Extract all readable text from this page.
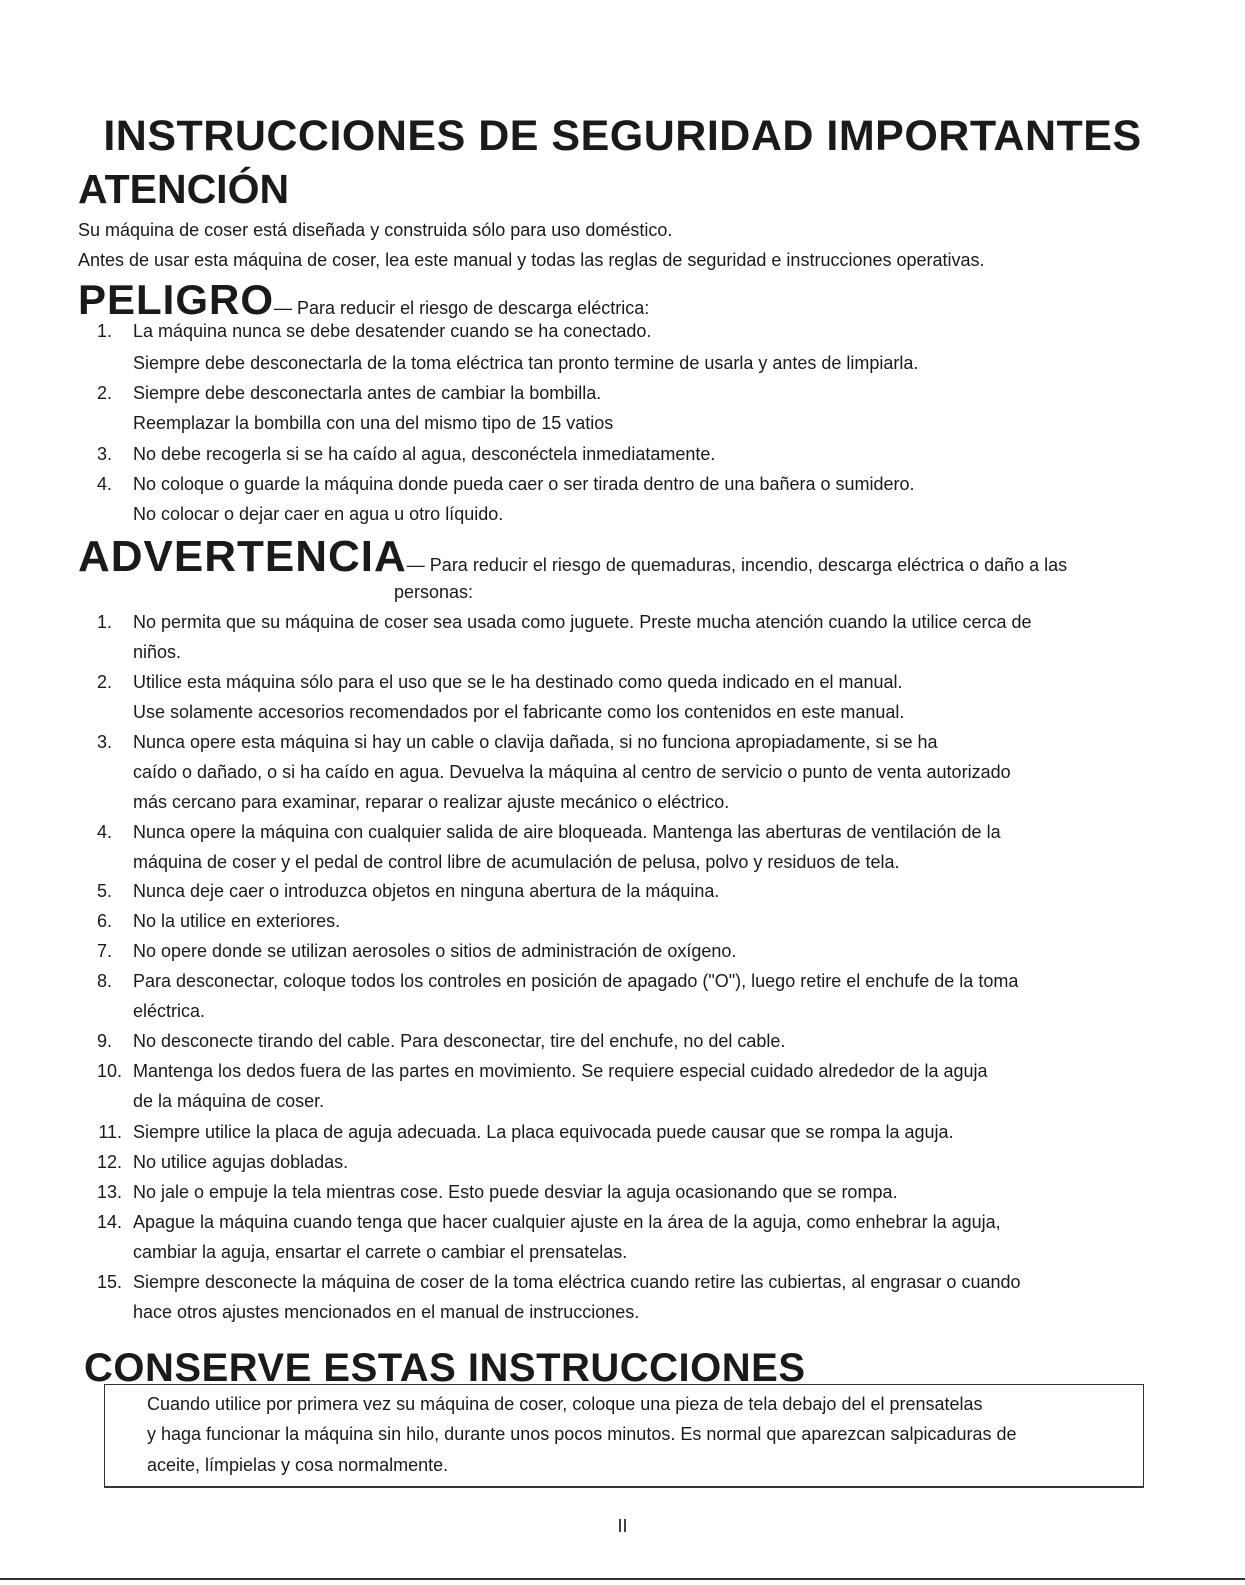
INSTRUCCIONES DE SEGURIDAD IMPORTANTES
ATENCIÓN
Su máquina de coser está diseñada y construida sólo para uso doméstico.
Antes de usar esta máquina de coser, lea este manual y todas las reglas de seguridad e instrucciones operativas.
PELIGRO— Para reducir el riesgo de descarga eléctrica:
1. La máquina nunca se debe desatender cuando se ha conectado.
Siempre debe desconectarla de la toma eléctrica tan pronto termine de usarla y antes de limpiarla.
2. Siempre debe desconectarla antes de cambiar la bombilla.
Reemplazar la bombilla con una del mismo tipo de 15 vatios
3. No debe recogerla si se ha caído al agua, desconéctela inmediatamente.
4. No coloque o guarde la máquina donde pueda caer o ser tirada dentro de una bañera o sumidero.
No colocar o dejar caer en agua u otro líquido.
ADVERTENCIA— Para reducir el riesgo de quemaduras, incendio, descarga eléctrica o daño a las
personas:
1. No permita que su máquina de coser sea usada como juguete. Preste mucha atención cuando la utilice cerca de
niños.
2. Utilice esta máquina sólo para el uso que se le ha destinado como queda indicado en el manual.
Use solamente accesorios recomendados por el fabricante como los contenidos en este manual.
3. Nunca opere esta máquina si hay un cable o clavija dañada, si no funciona apropiadamente, si se ha
caído o dañado, o si ha caído en agua. Devuelva la máquina al centro de servicio o punto de venta autorizado
más cercano para examinar, reparar o realizar ajuste mecánico o eléctrico.
4. Nunca opere la máquina con cualquier salida de aire bloqueada. Mantenga las aberturas de ventilación de la
máquina de coser y el pedal de control libre de acumulación de pelusa, polvo y residuos de tela.
5. Nunca deje caer o introduzca objetos en ninguna abertura de la máquina.
6. No la utilice en exteriores.
7. No opere donde se utilizan aerosoles o sitios de administración de oxígeno.
8. Para desconectar, coloque todos los controles en posición de apagado ("O"), luego retire el enchufe de la toma
eléctrica.
9. No desconecte tirando del cable. Para desconectar, tire del enchufe, no del cable.
10. Mantenga los dedos fuera de las partes en movimiento. Se requiere especial cuidado alrededor de la aguja
de la máquina de coser.
11. Siempre utilice la placa de aguja adecuada. La placa equivocada puede causar que se rompa la aguja.
12. No utilice agujas dobladas.
13. No jale o empuje la tela mientras cose. Esto puede desviar la aguja ocasionando que se rompa.
14. Apague la máquina cuando tenga que hacer cualquier ajuste en la área de la aguja, como enhebrar la aguja,
cambiar la aguja, ensartar el carrete o cambiar el prensatelas.
15. Siempre desconecte la máquina de coser de la toma eléctrica cuando retire las cubiertas, al engrasar o cuando
hace otros ajustes mencionados en el manual de instrucciones.
CONSERVE ESTAS INSTRUCCIONES
Cuando utilice por primera vez su máquina de coser, coloque una pieza de tela debajo del el prensatelas
y haga funcionar la máquina sin hilo, durante unos pocos minutos. Es normal que aparezcan salpicaduras de
aceite, límpielas y cosa normalmente.
II
